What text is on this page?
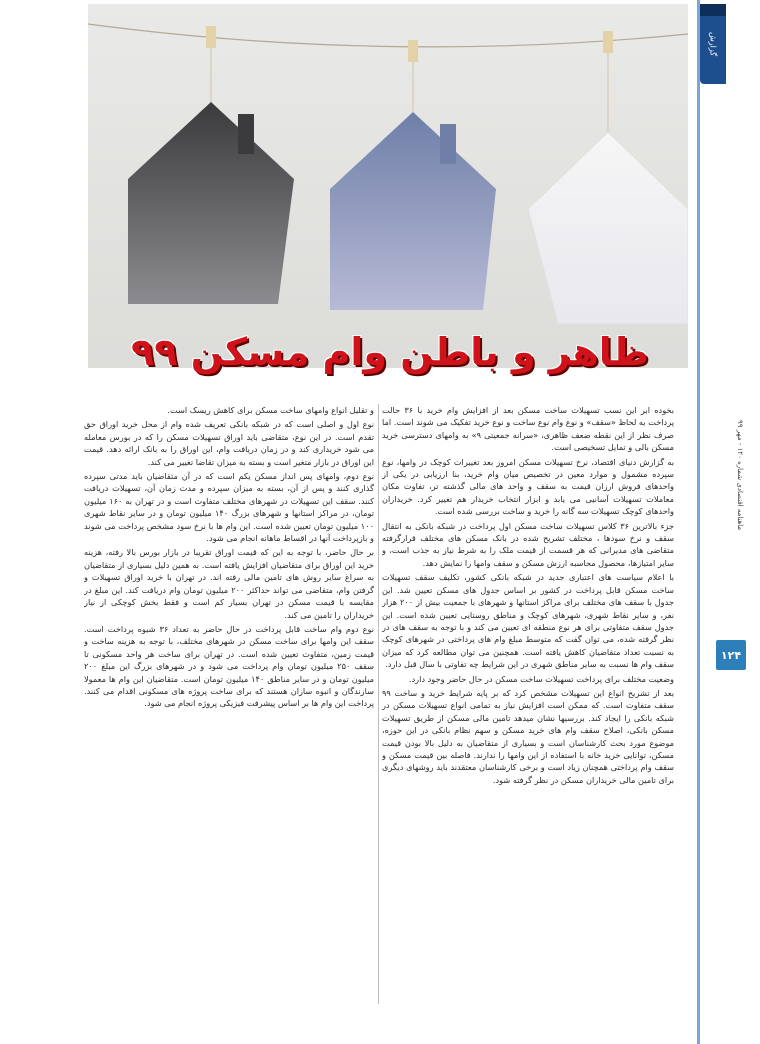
ظاهر و باطن وام مسکن ۹۹
گزارش
ماهنامه اقتصادی شماره ۱۲۰ - مهر ۹۹
۱۲۴

بخوده ابر این نسب تسهیلات ساخت مسکن بعد از افزایش وام خرید با ۳۶ حالت پرداخت به لحاظ «سقف» و نوع وام نوع ساخت و نوع خرید تفکیک می شوند است. اما صرف نظر از این نقطه ضعف ظاهری، «سرانه جمعیتی ۹» به وامهای دسترسی خرید مسکن بالی و تمایل تسخیصی است.

به گزارش دنیای اقتصاد، نرخ تسهیلات مسکن امروز بعد تغییرات کوچک در وامها، نوع سپرده مشمول و موارد معین در تخصیص میان وام خرید، بنا ارزیابی در یکی از واحدهای فروش ارزان قیمت به سقف و واحد های مالی گذشته تر، تفاوت مکان معاملات تسهیلات آسانیی می یابد و ابزار انتخاب خریدار هم تغییر کرد. خریداران واحدهای کوچک تسهیلات سه گانه را خرید و ساخت بررسی شده است.

جزء بالاترین ۳۶ کلاس تسهیلات ساخت مسکن اول پرداخت در شبکه بانکی به انتقال سقف و نرخ سودها ، مختلف تشریح شده در بانک مسکن های مختلف قرارگرفته متقاضی های مدیرانی که هر قسمت از قیمت ملک را به شرط نیاز به جذب است، و سایر امتیازها، محصول محاسبه ارزش مسکن و سقف وامها را نمایش دهد.

با اعلام سیاست های اعتباری جدید در شبکه بانکی کشور، تکلیف سقف تسهیلات ساخت مسکن قابل پرداخت در کشور بر اساس جدول های مسکن تعیین شد. این جدول با سقف های مختلف برای مراکز استانها و شهرهای با جمعیت بیش از ۲۰۰ هزار نفر، و سایر نقاط شهری، شهرهای کوچک و مناطق روستایی تعیین شده است. این جدول سقف متفاوتی برای هر نوع منطقه ای تعیین می کند و با توجه به سقف های در نظر گرفته شده، می توان گفت که متوسط مبلغ وام های پرداختی در شهرهای کوچک به نسبت تعداد متقاضیان کاهش یافته است. همچنین می توان مطالعه کرد که میزان سقف وام ها نسبت به سایر مناطق شهری در این شرایط چه تفاوتی با سال قبل دارد.

وضعیت مختلف برای پرداخت تسهیلات ساخت مسکن در حال حاضر وجود دارد.

بعد از تشریح انواع این تسهیلات مشخص کرد که بر پایه شرایط خرید و ساخت ۹۹ سقف متفاوت است. که ممکن است افزایش نیاز به تمامی انواع تسهیلات مسکن در شبکه بانکی را ایجاد کند. بررسیها نشان میدهد تامین مالی مسکن از طریق تسهیلات مسکن بانکی، اصلاح سقف وام های خرید مسکن و سهم نظام بانکی در این حوزه، موضوع مورد بحث کارشناسان است و بسیاری از متقاضیان به دلیل بالا بودن قیمت مسکن، توانایی خرید خانه با استفاده از این وامها را ندارند. فاصله بین قیمت مسکن و سقف وام پرداختی همچنان زیاد است و برخی کارشناسان معتقدند باید روشهای دیگری برای تامین مالی خریداران مسکن در نظر گرفته شود.

و تقلیل انواع وامهای ساخت مسکن برای کاهش ریسک است.

نوع اول و اصلی است که در شبکه بانکی تعریف شده وام از محل خرید اوراق حق تقدم است. در این نوع، متقاضی باید اوراق تسهیلات مسکن را که در بورس معامله می شود خریداری کند و در زمان دریافت وام، این اوراق را به بانک ارائه دهد. قیمت این اوراق در بازار متغیر است و بسته به میزان تقاضا تغییر می کند.

نوع دوم، وامهای پس انداز مسکن یکم است که در آن متقاضیان باید مدتی سپرده گذاری کنند و پس از آن، بسته به میزان سپرده و مدت زمان آن، تسهیلات دریافت کنند. سقف این تسهیلات در شهرهای مختلف متفاوت است و در تهران به ۱۶۰ میلیون تومان، در مراکز استانها و شهرهای بزرگ ۱۴۰ میلیون تومان و در سایر نقاط شهری ۱۰۰ میلیون تومان تعیین شده است. این وام ها با نرخ سود مشخص پرداخت می شوند و بازپرداخت آنها در اقساط ماهانه انجام می شود.

بر حال حاضر، با توجه به این که قیمت اوراق تقریبا در بازار بورس بالا رفته، هزینه خرید این اوراق برای متقاضیان افزایش یافته است. به همین دلیل بسیاری از متقاضیان به سراغ سایر روش های تامین مالی رفته اند. در تهران با خرید اوراق تسهیلات و گرفتن وام، متقاضی می تواند حداکثر ۲۰۰ میلیون تومان وام دریافت کند. این مبلغ در مقایسه با قیمت مسکن در تهران بسیار کم است و فقط بخش کوچکی از نیاز خریداران را تامین می کند.

نوع دوم وام ساخت قابل پرداخت در حال حاضر به تعداد ۳۶ شیوه پرداخت است. سقف این وامها برای ساخت مسکن در شهرهای مختلف، با توجه به هزینه ساخت و قیمت زمین، متفاوت تعیین شده است. در تهران برای ساخت هر واحد مسکونی تا سقف ۲۵۰ میلیون تومان وام پرداخت می شود و در شهرهای بزرگ این مبلغ ۲۰۰ میلیون تومان و در سایر مناطق ۱۴۰ میلیون تومان است. متقاضیان این وام ها معمولا سازندگان و انبوه سازان هستند که برای ساخت پروژه های مسکونی اقدام می کنند. پرداخت این وام ها بر اساس پیشرفت فیزیکی پروژه انجام می شود.
